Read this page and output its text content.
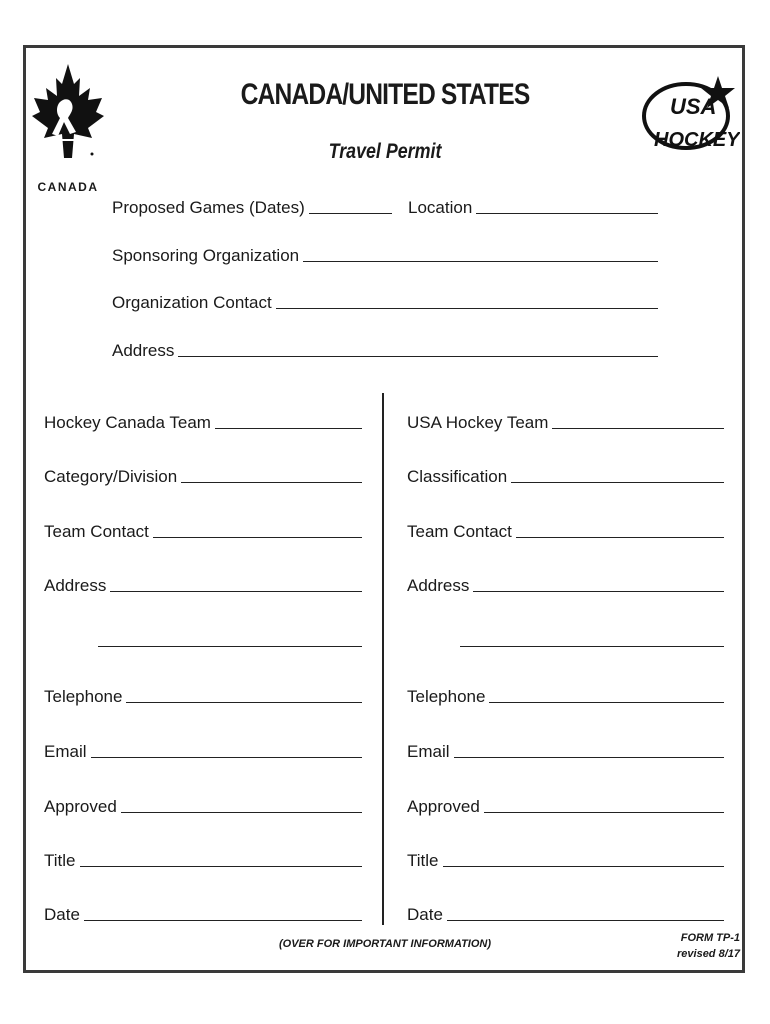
CANADA
USA
HOCKEY
CANADA/UNITED STATES
Travel Permit
Proposed Games (Dates)	Location
Sponsoring Organization
Organization Contact
Address
Hockey Canada Team
Category/Division
Team Contact
Address
Telephone
Email
Approved
Title
Date
USA Hockey Team
Classification
Team Contact
Address
Telephone
Email
Approved
Title
Date
(OVER FOR IMPORTANT INFORMATION)	FORM TP-1
revised 8/17
